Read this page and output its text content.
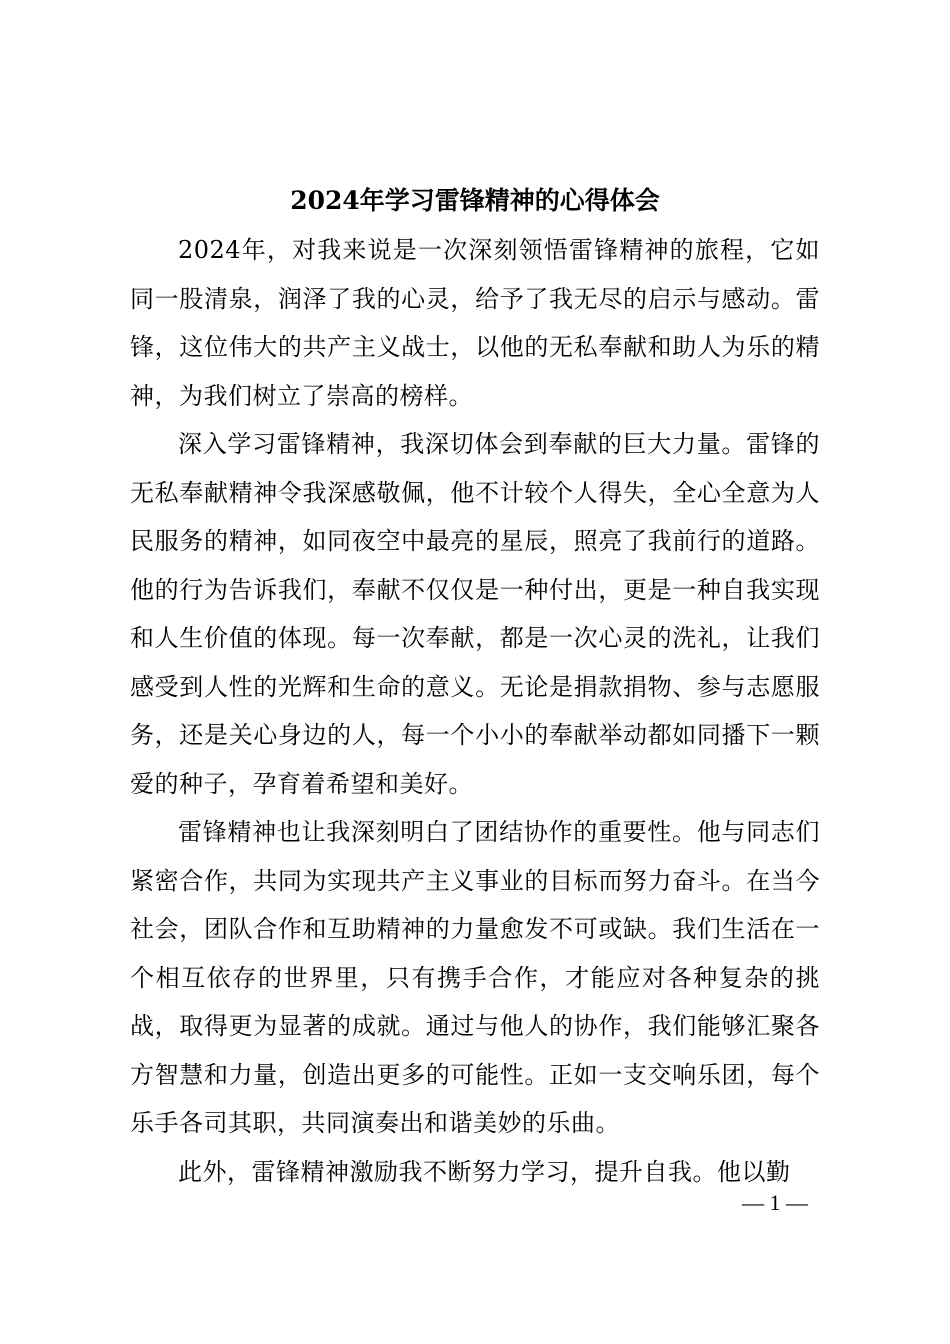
2024年学习雷锋精神的心得体会

2024年，对我来说是一次深刻领悟雷锋精神的旅程，它如同一股清泉，润泽了我的心灵，给予了我无尽的启示与感动。雷锋，这位伟大的共产主义战士，以他的无私奉献和助人为乐的精神，为我们树立了崇高的榜样。

深入学习雷锋精神，我深切体会到奉献的巨大力量。雷锋的无私奉献精神令我深感敬佩，他不计较个人得失，全心全意为人民服务的精神，如同夜空中最亮的星辰，照亮了我前行的道路。他的行为告诉我们，奉献不仅仅是一种付出，更是一种自我实现和人生价值的体现。每一次奉献，都是一次心灵的洗礼，让我们感受到人性的光辉和生命的意义。无论是捐款捐物、参与志愿服务，还是关心身边的人，每一个小小的奉献举动都如同播下一颗爱的种子，孕育着希望和美好。

雷锋精神也让我深刻明白了团结协作的重要性。他与同志们紧密合作，共同为实现共产主义事业的目标而努力奋斗。在当今社会，团队合作和互助精神的力量愈发不可或缺。我们生活在一个相互依存的世界里，只有携手合作，才能应对各种复杂的挑战，取得更为显著的成就。通过与他人的协作，我们能够汇聚各方智慧和力量，创造出更多的可能性。正如一支交响乐团，每个乐手各司其职，共同演奏出和谐美妙的乐曲。

此外，雷锋精神激励我不断努力学习，提升自我。他以勤

— 1 —
